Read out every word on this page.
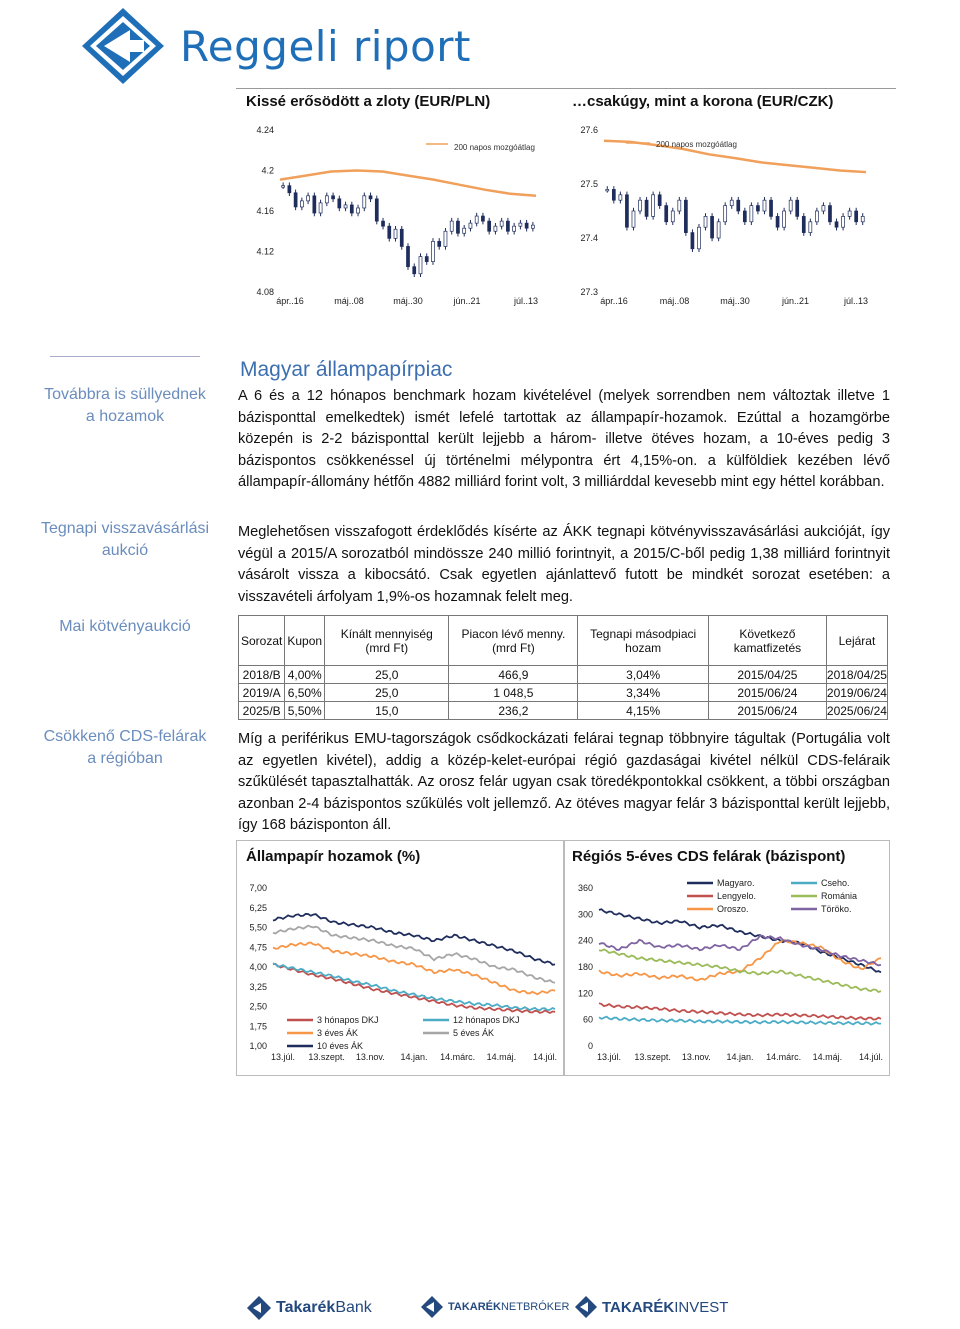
Reggeli riport
Kissé erősödött a zloty (EUR/PLN)	…csakúgy, mint a korona (EUR/CZK)
4.24
4.2
4.16
4.12
4.08
ápr..16	máj..08	máj..30	jún..21	júl..13
200 napos mozgóátlag
27.6
27.5
27.4
27.3
ápr..16	máj..08	máj..30	jún..21	júl..13
200 napos mozgóátlag
Továbbra is süllyednek a hozamok
Tegnapi visszavásárlási aukció
Mai kötvényaukció
Csökkenő CDS-felárak a régióban
Magyar állampapírpiac
A 6 és a 12 hónapos benchmark hozam kivételével (melyek sorrendben nem változtak illetve 1 bázisponttal emelkedtek) ismét lefelé tartottak az állampapír-hozamok. Ezúttal a hozamgörbe közepén is 2-2 bázisponttal került lejjebb a három- illetve ötéves hozam, a 10-éves pedig 3 bázispontos csökkenéssel új történelmi mélypontra ért 4,15%-on. a külföldiek kezében lévő állampapír-állomány hétfőn 4882 milliárd forint volt, 3 milliárddal kevesebb mint egy héttel korábban.
Meglehetősen visszafogott érdeklődés kísérte az ÁKK tegnapi kötvényvisszavásárlási aukcióját, így végül a 2015/A sorozatból mindössze 240 millió forintnyit, a 2015/C-ből pedig 1,38 milliárd forintnyit vásárolt vissza a kibocsátó. Csak egyetlen ajánlattevő futott be mindkét sorozat esetében: a visszavételi árfolyam 1,9%-os hozamnak felelt meg.
Sorozat	Kupon	Kínált mennyiség (mrd Ft)	Piacon lévő menny. (mrd Ft)	Tegnapi másodpiaci hozam	Következő kamatfizetés	Lejárat
2018/B	4,00%	25,0	466,9	3,04%	2015/04/25	2018/04/25
2019/A	6,50%	25,0	1 048,5	3,34%	2015/06/24	2019/06/24
2025/B	5,50%	15,0	236,2	4,15%	2015/06/24	2025/06/24
Míg a periférikus EMU-tagországok csődkockázati felárai tegnap többnyire tágultak (Portugália volt az egyetlen kivétel), addig a közép-kelet-európai régió gazdaságai kivétel nélkül CDS-feláraik szűkülését tapasztalhatták. Az orosz felár ugyan csak töredékpontokkal csökkent, a többi országban azonban 2-4 bázispontos szűkülés volt jellemző. Az ötéves magyar felár 3 bázisponttal került lejjebb, így 168 bázisponton áll.
Állampapír hozamok (%)	Régiós 5-éves CDS felárak (bázispont)
7,00
6,25
5,50
4,75
4,00
3,25
2,50
1,75
1,00
13.júl. 13.szept. 13.nov. 14.jan. 14.márc. 14.máj. 14.júl.
3 hónapos DKJ	12 hónapos DKJ
3 éves ÁK	5 éves ÁK
10 éves ÁK
360
300
240
180
120
60
0
13.júl. 13.szept. 13.nov. 14.jan. 14.márc. 14.máj. 14.júl.
Magyaro.
Lengyelo.
Oroszo.
Cseho.
Románia
Törökо.
TakarékBank	TAKARÉKNETBRÓKER TAKARÉKINVEST
